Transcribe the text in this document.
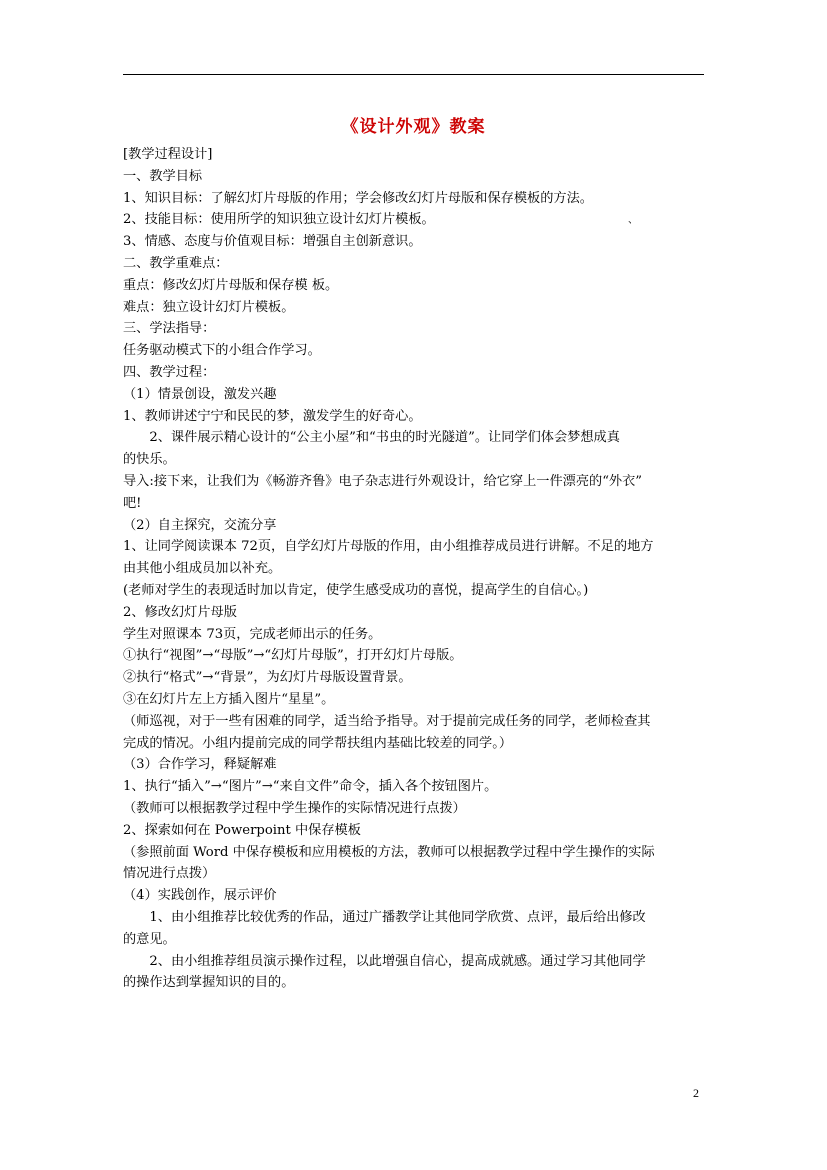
《设计外观》教案
[教学过程设计]
一、教学目标
1、知识目标：了解幻灯片母版的作用；学会修改幻灯片母版和保存模板的方法。
2、技能目标：使用所学的知识独立设计幻灯片模板。
3、情感、态度与价值观目标：增强自主创新意识。
二、教学重难点：
重点：修改幻灯片母版和保存模 板。
难点：独立设计幻灯片模板。
三、学法指导：
任务驱动模式下的小组合作学习。
四、教学过程：
（1）情景创设，激发兴趣
1、教师讲述宁宁和民民的梦，激发学生的好奇心。
　　2、课件展示精心设计的“公主小屋”和“书虫的时光隧道”。让同学们体会梦想成真
的快乐。
导入:接下来，让我们为《畅游齐鲁》电子杂志进行外观设计，给它穿上一件漂亮的“外衣”
吧!
（2）自主探究，交流分享
1、让同学阅读课本 72页，自学幻灯片母版的作用，由小组推荐成员进行讲解。不足的地方
由其他小组成员加以补充。
(老师对学生的表现适时加以肯定，使学生感受成功的喜悦，提高学生的自信心。)
2、修改幻灯片母版
学生对照课本 73页，完成老师出示的任务。
①执行“视图”→“母版”→“幻灯片母版”，打开幻灯片母版。
②执行“格式”→“背景”，为幻灯片母版设置背景。
③在幻灯片左上方插入图片“星星”。
（师巡视，对于一些有困难的同学，适当给予指导。对于提前完成任务的同学，老师检查其
完成的情况。小组内提前完成的同学帮扶组内基础比较差的同学。）
（3）合作学习，释疑解难
1、执行“插入”→“图片”→“来自文件”命令，插入各个按钮图片。
（教师可以根据教学过程中学生操作的实际情况进行点拨）
2、探索如何在 Powerpoint 中保存模板
（参照前面 Word 中保存模板和应用模板的方法，教师可以根据教学过程中学生操作的实际
情况进行点拨）
（4）实践创作，展示评价
　　1、由小组推荐比较优秀的作品，通过广播教学让其他同学欣赏、点评，最后给出修改
的意见。
　　2、由小组推荐组员演示操作过程，以此增强自信心，提高成就感。通过学习其他同学
的操作达到掌握知识的目的。
、
2
